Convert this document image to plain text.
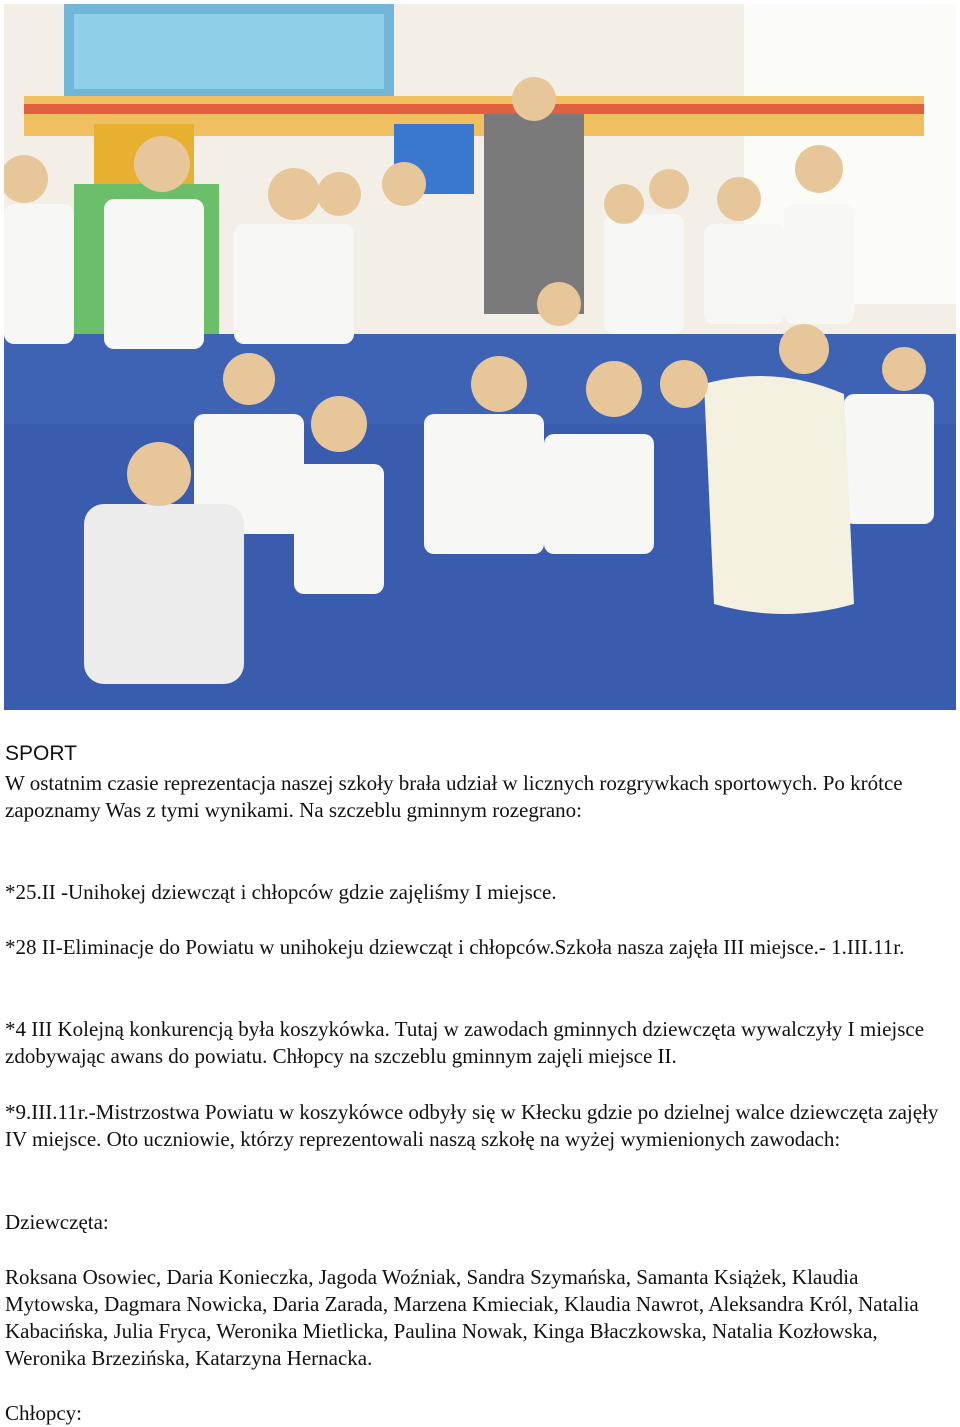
SPORT

W ostatnim czasie reprezentacja naszej szkoły brała udział w licznych rozgrywkach sportowych. Po krótce zapoznamy Was z tymi wynikami. Na szczeblu gminnym rozegrano:

*25.II -Unihokej dziewcząt i chłopców gdzie zajęliśmy I miejsce.

*28 II-Eliminacje do Powiatu w unihokeju dziewcząt i chłopców.Szkoła nasza zajęła III miejsce.- 1.III.11r.

*4 III Kolejną konkurencją była koszykówka. Tutaj w zawodach gminnych dziewczęta wywalczyły I miejsce zdobywając awans do powiatu. Chłopcy na szczeblu gminnym zajęli miejsce II.

*9.III.11r.-Mistrzostwa Powiatu w koszykówce odbyły się w Kłecku gdzie po dzielnej walce dziewczęta zajęły IV miejsce. Oto uczniowie, którzy reprezentowali naszą szkołę na wyżej wymienionych zawodach:

Dziewczęta:

Roksana Osowiec, Daria Konieczka, Jagoda Woźniak, Sandra Szymańska, Samanta Książek, Klaudia Mytowska, Dagmara Nowicka, Daria Zarada, Marzena Kmieciak, Klaudia Nawrot, Aleksandra Król, Natalia Kabacińska, Julia Fryca, Weronika Mietlicka, Paulina Nowak, Kinga Błaczkowska, Natalia Kozłowska, Weronika Brzezińska, Katarzyna Hernacka.

Chłopcy:
